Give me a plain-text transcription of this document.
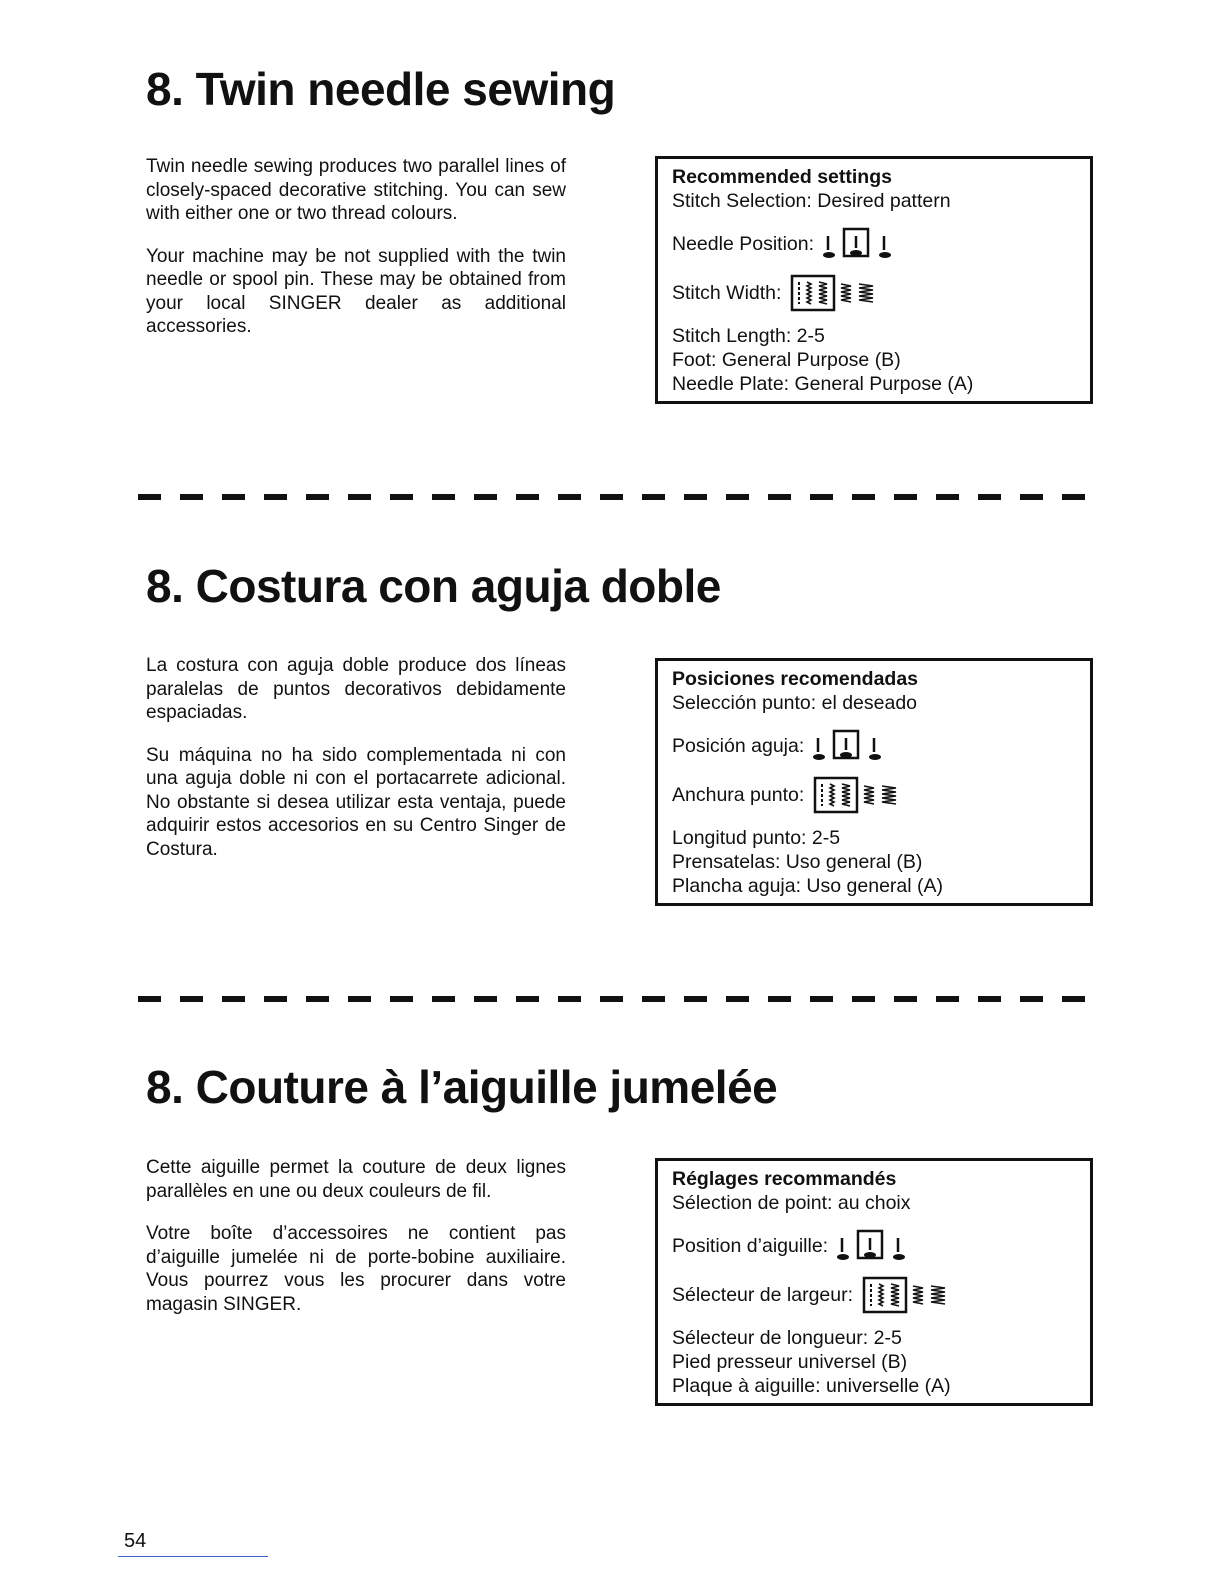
8. Twin needle sewing

Twin needle sewing produces two parallel lines of closely-spaced decorative stitching. You can sew with either one or two thread colours.

Your machine may be not supplied with the twin needle or spool pin. These may be obtained from your local SINGER dealer as additional accessories.

Recommended settings
Stitch Selection: Desired pattern
Needle Position:
Stitch Width:
Stitch Length: 2-5
Foot: General Purpose (B)
Needle Plate: General Purpose (A)
8. Costura con aguja doble

La costura con aguja doble produce dos líneas paralelas de puntos decorativos debidamente espaciadas.

Su máquina no ha sido complementada ni con una aguja doble ni con el portacarrete adicional. No obstante si desea utilizar esta ventaja, puede adquirir estos accesorios en su Centro Singer de Costura.

Posiciones recomendadas
Selección punto: el deseado
Posición aguja:
Anchura punto:
Longitud punto: 2-5
Prensatelas: Uso general (B)
Plancha aguja: Uso general (A)
8. Couture à l’aiguille jumelée

Cette aiguille permet la couture de deux lignes parallèles en une ou deux couleurs de fil.

Votre boîte d’accessoires ne contient pas d’aiguille jumelée ni de porte-bobine auxiliaire. Vous pourrez vous les procurer dans votre magasin SINGER.

Réglages recommandés
Sélection de point: au choix
Position d’aiguille:
Sélecteur de largeur:
Sélecteur de longueur: 2-5
Pied presseur universel (B)
Plaque à aiguille: universelle (A)
54
